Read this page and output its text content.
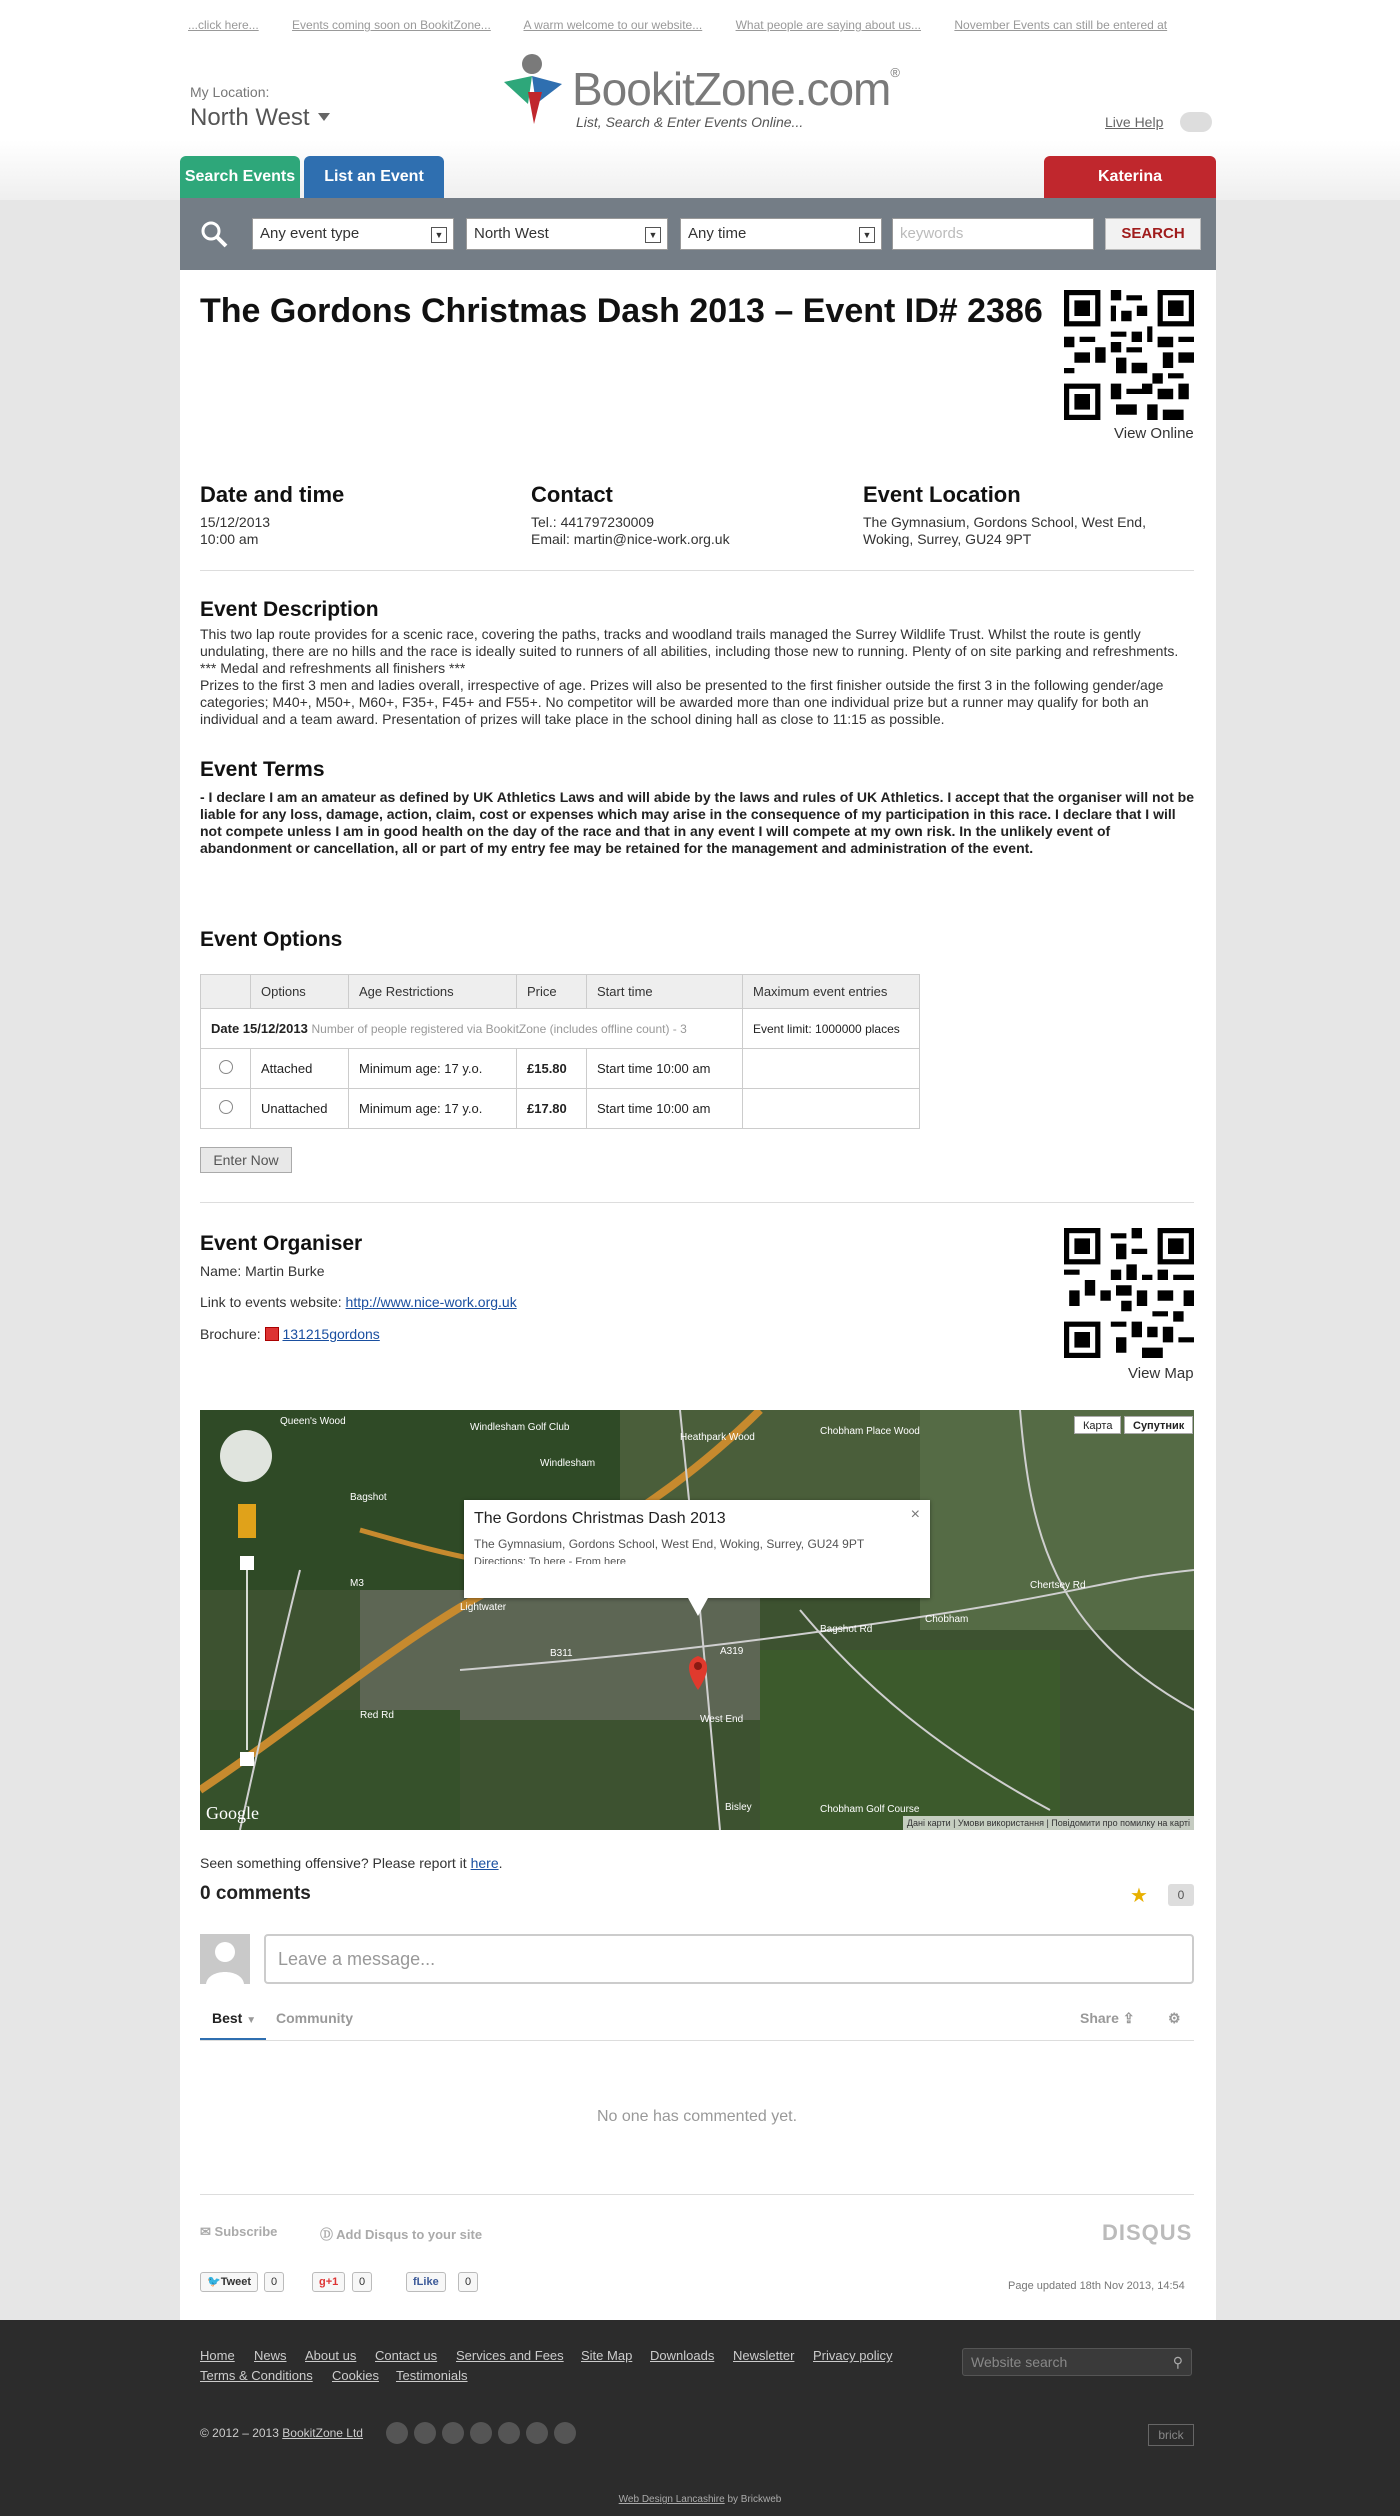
...click here...	Events coming soon on BookitZone...	A warm welcome to our website...	What people are saying about us...	November Events can still be entered at
My Location:
North West
BookitZone.com®
List, Search & Enter Events Online...	Live Help
Search Events	List an Event	Katerina
Any event type	▼	North West	▼	Any time	▼	keywords	SEARCH
The Gordons Christmas Dash 2013 – Event ID# 2386
View Online
Date and time
15/12/2013
10:00 am
Contact
Tel.: 441797230009
Email: martin@nice-work.org.uk
Event Location
The Gymnasium, Gordons School, West End,
Woking, Surrey, GU24 9PT
Event Description
This two lap route provides for a scenic race, covering the paths, tracks and woodland trails managed the Surrey Wildlife Trust. Whilst the route is gently undulating, there are no hills and the race is ideally suited to runners of all abilities, including those new to running. Plenty of on site parking and refreshments.
*** Medal and refreshments all finishers ***
Prizes to the first 3 men and ladies overall, irrespective of age. Prizes will also be presented to the first finisher outside the first 3 in the following gender/age categories; M40+, M50+, M60+, F35+, F45+ and F55+. No competitor will be awarded more than one individual prize but a runner may qualify for both an individual and a team award. Presentation of prizes will take place in the school dining hall as close to 11:15 as possible.
Event Terms
- I declare I am an amateur as defined by UK Athletics Laws and will abide by the laws and rules of UK Athletics. I accept that the organiser will not be liable for any loss, damage, action, claim, cost or expenses which may arise in the consequence of my participation in this race. I declare that I will not compete unless I am in good health on the day of the race and that in any event I will compete at my own risk. In the unlikely event of abandonment or cancellation, all or part of my entry fee may be retained for the management and administration of the event.
Event Options
	Options	Age Restrictions	Price	Start time	Maximum event entries
Date 15/12/2013 Number of people registered via BookitZone (includes offline count) - 3					Event limit: 1000000 places
	Attached	Minimum age: 17 y.o.	£15.80	Start time 10:00 am	
	Unattached	Minimum age: 17 y.o.	£17.80	Start time 10:00 am	
Enter Now
Event Organiser
Name: Martin Burke
Link to events website: http://www.nice-work.org.uk
Brochure: 131215gordons
View Map
Queen's Wood
Windlesham Golf Club
Windlesham
Heathpark Wood
Chobham Place Wood
Bagshot
Lightwater
Chobham
West End
Chobham Golf Course
Bisley
Bagshot Rd
Chertsey Rd
Red Rd
B311	A319
M3
Карта	Супутник
The Gordons Christmas Dash 2013
The Gymnasium, Gordons School, West End, Woking, Surrey, GU24 9PT
Directions: To here - From here
×
Google	Дані карти | Умови використання | Повідомити про помилку на карті
Seen something offensive? Please report it here.
0 comments	★	0
Leave a message...
Best ▼ Community	Share ⇪ ⚙
No one has commented yet.
✉ Subscribe	Ⓓ Add Disqus to your site	DISQUS
🐦Tweet	0	g+1	0	fLike	0	Page updated 18th Nov 2013, 14:54
Home News About us Contact us Services and Fees Site Map Downloads Newsletter Privacy policy
Terms & Conditions Cookies Testimonials
Website search	⚲
© 2012 – 2013 BookitZone Ltd	brick
Web Design Lancashire by Brickweb
